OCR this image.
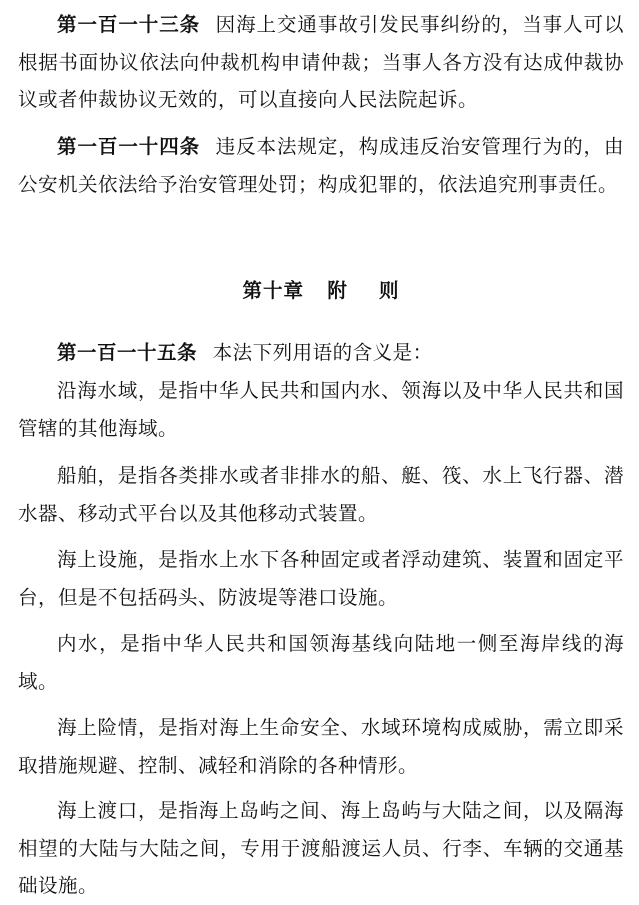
第一百一十三条 因海上交通事故引发民事纠纷的，当事人可以根据书面协议依法向仲裁机构申请仲裁；当事人各方没有达成仲裁协议或者仲裁协议无效的，可以直接向人民法院起诉。

第一百一十四条 违反本法规定，构成违反治安管理行为的，由公安机关依法给予治安管理处罚；构成犯罪的，依法追究刑事责任。

第十章 附 则

第一百一十五条 本法下列用语的含义是：

沿海水域，是指中华人民共和国内水、领海以及中华人民共和国管辖的其他海域。

船舶，是指各类排水或者非排水的船、艇、筏、水上飞行器、潜水器、移动式平台以及其他移动式装置。

海上设施，是指水上水下各种固定或者浮动建筑、装置和固定平台，但是不包括码头、防波堤等港口设施。

内水，是指中华人民共和国领海基线向陆地一侧至海岸线的海域。

海上险情，是指对海上生命安全、水域环境构成威胁，需立即采取措施规避、控制、减轻和消除的各种情形。

海上渡口，是指海上岛屿之间、海上岛屿与大陆之间，以及隔海相望的大陆与大陆之间，专用于渡船渡运人员、行李、车辆的交通基础设施。
